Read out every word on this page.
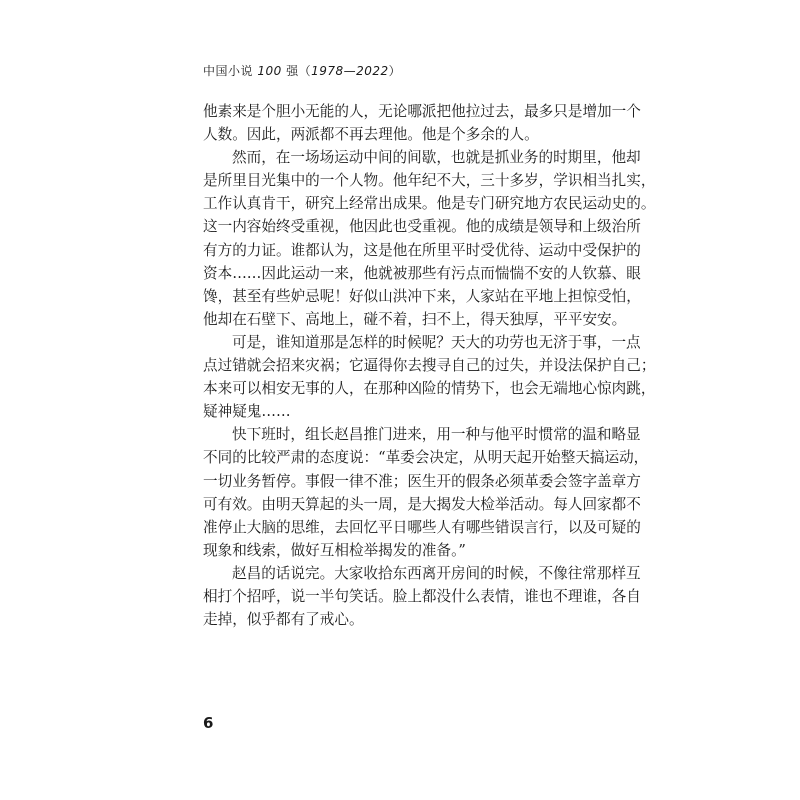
中国小说 100 强（1978—2022）
他素来是个胆小无能的人，无论哪派把他拉过去，最多只是增加一个
人数。因此，两派都不再去理他。他是个多余的人。
然而，在一场场运动中间的间歇，也就是抓业务的时期里，他却
是所里目光集中的一个人物。他年纪不大，三十多岁，学识相当扎实，
工作认真肯干，研究上经常出成果。他是专门研究地方农民运动史的。
这一内容始终受重视，他因此也受重视。他的成绩是领导和上级治所
有方的力证。谁都认为，这是他在所里平时受优待、运动中受保护的
资本……因此运动一来，他就被那些有污点而惴惴不安的人钦慕、眼
馋，甚至有些妒忌呢！好似山洪冲下来，人家站在平地上担惊受怕，
他却在石壁下、高地上，碰不着，扫不上，得天独厚，平平安安。
可是，谁知道那是怎样的时候呢？天大的功劳也无济于事，一点
点过错就会招来灾祸；它逼得你去搜寻自己的过失，并设法保护自己；
本来可以相安无事的人，在那种凶险的情势下，也会无端地心惊肉跳，
疑神疑鬼……
快下班时，组长赵昌推门进来，用一种与他平时惯常的温和略显
不同的比较严肃的态度说：“革委会决定，从明天起开始整天搞运动，
一切业务暂停。事假一律不准；医生开的假条必须革委会签字盖章方
可有效。由明天算起的头一周，是大揭发大检举活动。每人回家都不
准停止大脑的思维，去回忆平日哪些人有哪些错误言行，以及可疑的
现象和线索，做好互相检举揭发的准备。”
赵昌的话说完。大家收拾东西离开房间的时候，不像往常那样互
相打个招呼，说一半句笑话。脸上都没什么表情，谁也不理谁，各自
走掉，似乎都有了戒心。
6
